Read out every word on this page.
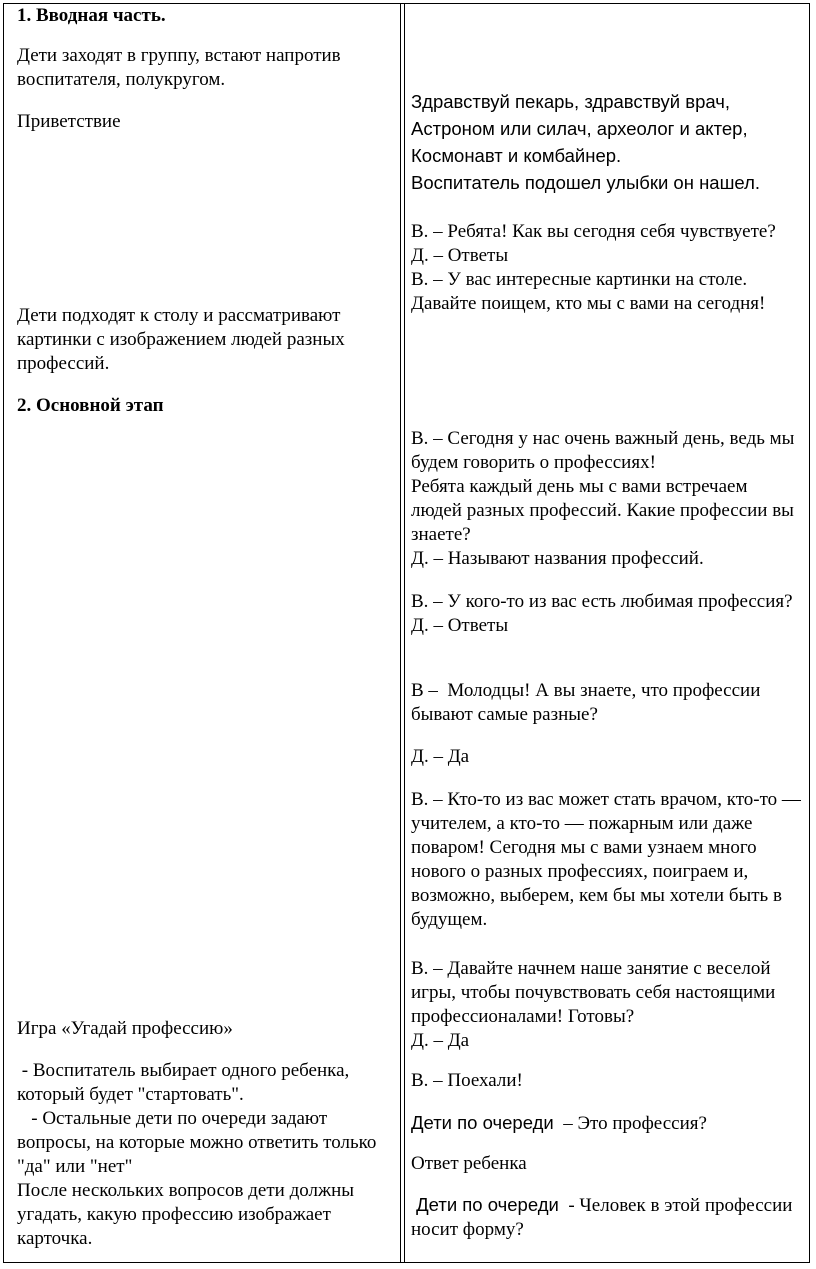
1. Вводная часть.
Дети заходят в группу, встают напротив воспитателя, полукругом.
Приветствие
Дети подходят к столу и рассматривают картинки с изображением людей разных профессий.
2. Основной этап
Игра «Угадай профессию»
- Воспитатель выбирает одного ребенка, который будет "стартовать".
- Остальные дети по очереди задают вопросы, на которые можно ответить только "да" или "нет"
После нескольких вопросов дети должны угадать, какую профессию изображает карточка.
Здравствуй пекарь, здравствуй врач,
Астроном или силач, археолог и актер,
Космонавт и комбайнер.
Воспитатель подошел улыбки он нашел.
В. – Ребята! Как вы сегодня себя чувствуете?
Д. – Ответы
В. – У вас интересные картинки на столе. Давайте поищем, кто мы с вами на сегодня!
В. – Сегодня у нас очень важный день, ведь мы будем говорить о профессиях!
Ребята каждый день мы с вами встречаем людей разных профессий. Какие профессии вы знаете?
Д. – Называют названия профессий.
В. – У кого-то из вас есть любимая профессия?
Д. – Ответы
В –  Молодцы! А вы знаете, что профессии бывают самые разные?
Д. – Да
В. – Кто-то из вас может стать врачом, кто-то — учителем, а кто-то — пожарным или даже поваром! Сегодня мы с вами узнаем много нового о разных профессиях, поиграем и, возможно, выберем, кем бы мы хотели быть в будущем.
В. – Давайте начнем наше занятие с веселой игры, чтобы почувствовать себя настоящими профессионалами! Готовы?
Д. – Да
В. – Поехали!
Дети по очереди  – Это профессия?
Ответ ребенка
Дети по очереди  - Человек в этой профессии носит форму?
